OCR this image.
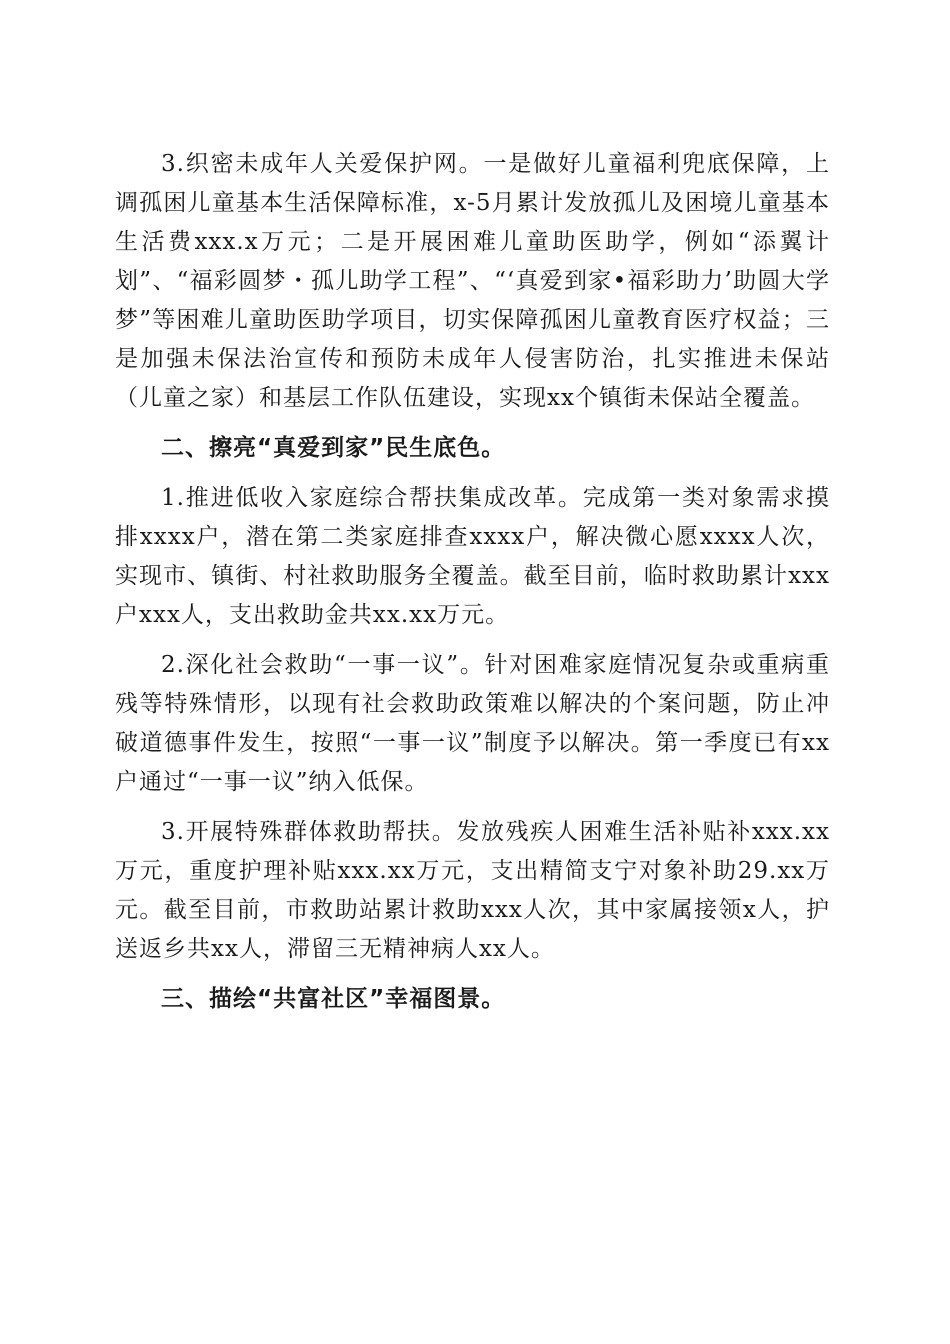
3.织密未成年人关爱保护网。一是做好儿童福利兜底保障，上调孤困儿童基本生活保障标准，x-5月累计发放孤儿及困境儿童基本生活费xxx.x万元；二是开展困难儿童助医助学，例如“添翼计划”、“福彩圆梦・孤儿助学工程”、“‘真爱到家•福彩助力’助圆大学梦”等困难儿童助医助学项目，切实保障孤困儿童教育医疗权益；三是加强未保法治宣传和预防未成年人侵害防治，扎实推进未保站（儿童之家）和基层工作队伍建设，实现xx个镇街未保站全覆盖。

二、擦亮“真爱到家”民生底色。

1.推进低收入家庭综合帮扶集成改革。完成第一类对象需求摸排xxxx户，潜在第二类家庭排查xxxx户，解决微心愿xxxx人次，实现市、镇街、村社救助服务全覆盖。截至目前，临时救助累计xxx户xxx人，支出救助金共xx.xx万元。

2.深化社会救助“一事一议”。针对困难家庭情况复杂或重病重残等特殊情形，以现有社会救助政策难以解决的个案问题，防止冲破道德事件发生，按照“一事一议”制度予以解决。第一季度已有xx户通过“一事一议”纳入低保。

3.开展特殊群体救助帮扶。发放残疾人困难生活补贴补xxx.xx万元，重度护理补贴xxx.xx万元，支出精简支宁对象补助29.xx万元。截至目前，市救助站累计救助xxx人次，其中家属接领x人，护送返乡共xx人，滞留三无精神病人xx人。

三、描绘“共富社区”幸福图景。
